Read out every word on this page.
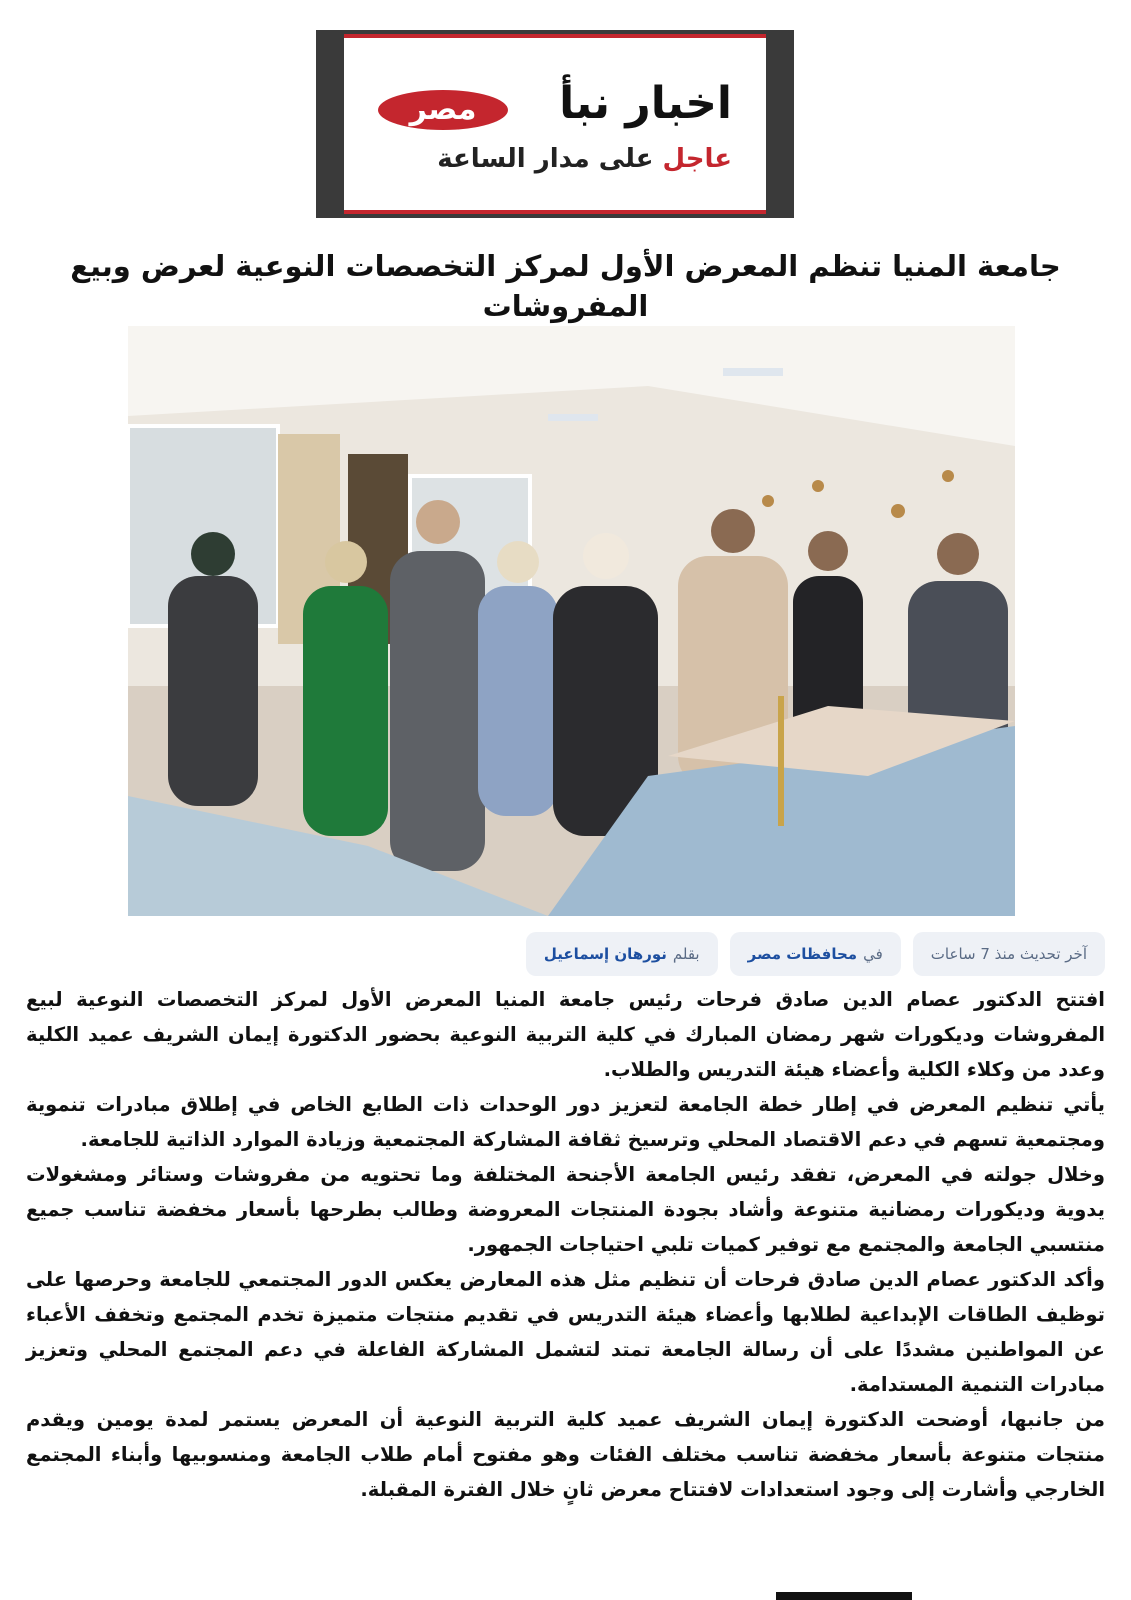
مصر	اخبار نبأ
عاجل على مدار الساعة
جامعة المنيا تنظم المعرض الأول لمركز التخصصات النوعية لعرض وبيع المفروشات
بقلم
نورهان إسماعيل	في
محافظات مصر	آخر تحديث منذ 7 ساعات

افتتح الدكتور عصام الدين صادق فرحات رئيس جامعة المنيا المعرض الأول لمركز التخصصات النوعية لبيع المفروشات وديكورات شهر رمضان المبارك في كلية التربية النوعية بحضور الدكتورة إيمان الشريف عميد الكلية وعدد من وكلاء الكلية وأعضاء هيئة التدريس والطلاب.

يأتي تنظيم المعرض في إطار خطة الجامعة لتعزيز دور الوحدات ذات الطابع الخاص في إطلاق مبادرات تنموية ومجتمعية تسهم في دعم الاقتصاد المحلي وترسيخ ثقافة المشاركة المجتمعية وزيادة الموارد الذاتية للجامعة.

وخلال جولته في المعرض، تفقد رئيس الجامعة الأجنحة المختلفة وما تحتويه من مفروشات وستائر ومشغولات يدوية وديكورات رمضانية متنوعة وأشاد بجودة المنتجات المعروضة وطالب بطرحها بأسعار مخفضة تناسب جميع منتسبي الجامعة والمجتمع مع توفير كميات تلبي احتياجات الجمهور.

وأكد الدكتور عصام الدين صادق فرحات أن تنظيم مثل هذه المعارض يعكس الدور المجتمعي للجامعة وحرصها على توظيف الطاقات الإبداعية لطلابها وأعضاء هيئة التدريس في تقديم منتجات متميزة تخدم المجتمع وتخفف الأعباء عن المواطنين مشددًا على أن رسالة الجامعة تمتد لتشمل المشاركة الفاعلة في دعم المجتمع المحلي وتعزيز مبادرات التنمية المستدامة.

من جانبها، أوضحت الدكتورة إيمان الشريف عميد كلية التربية النوعية أن المعرض يستمر لمدة يومين ويقدم منتجات متنوعة بأسعار مخفضة تناسب مختلف الفئات وهو مفتوح أمام طلاب الجامعة ومنسوبيها وأبناء المجتمع الخارجي وأشارت إلى وجود استعدادات لافتتاح معرض ثانٍ خلال الفترة المقبلة.
